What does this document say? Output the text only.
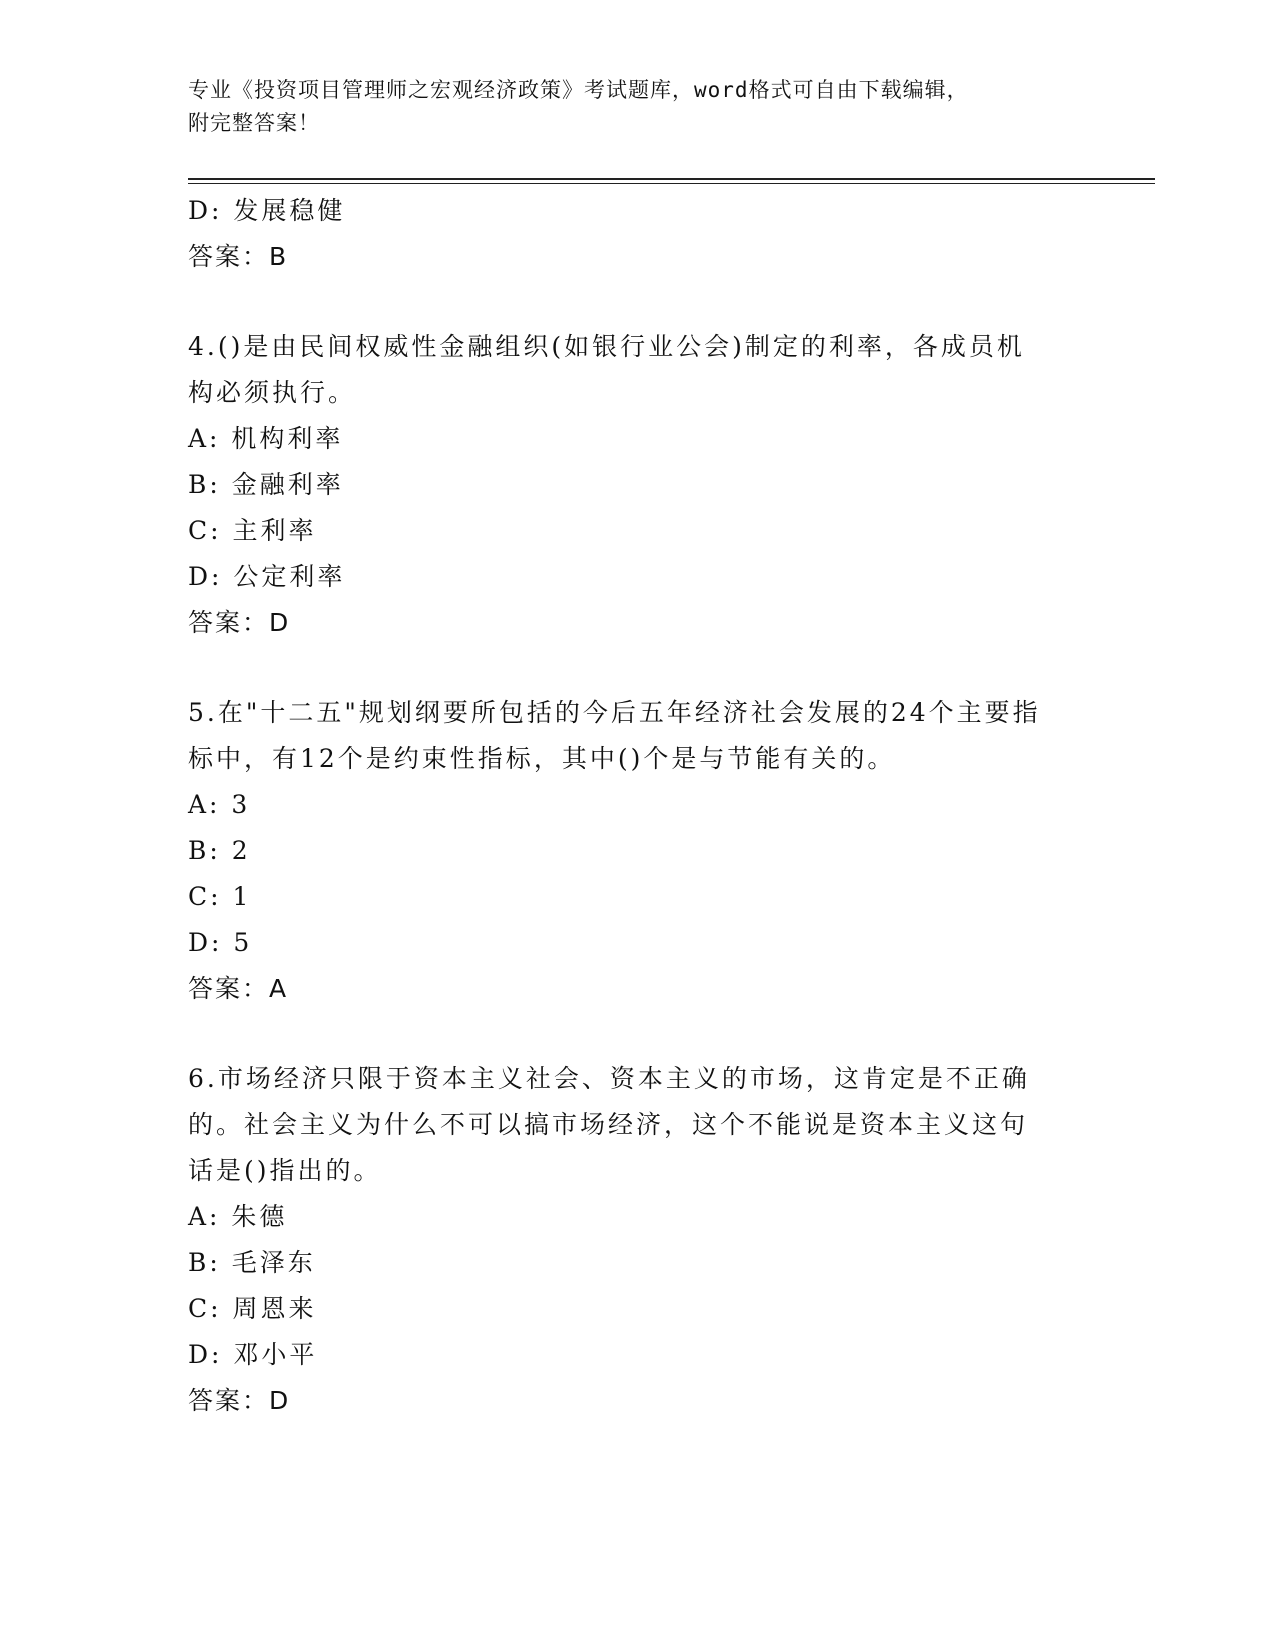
专业《投资项目管理师之宏观经济政策》考试题库，word格式可自由下载编辑，
附完整答案！
D: 发展稳健
答案：B
4.()是由民间权威性金融组织(如银行业公会)制定的利率，各成员机
构必须执行。
A: 机构利率
B: 金融利率
C: 主利率
D: 公定利率
答案：D
5.在"十二五"规划纲要所包括的今后五年经济社会发展的24个主要指
标中，有12个是约束性指标，其中()个是与节能有关的。
A: 3
B: 2
C: 1
D: 5
答案：A
6.市场经济只限于资本主义社会、资本主义的市场，这肯定是不正确
的。社会主义为什么不可以搞市场经济，这个不能说是资本主义这句
话是()指出的。
A: 朱德
B: 毛泽东
C: 周恩来
D: 邓小平
答案：D
